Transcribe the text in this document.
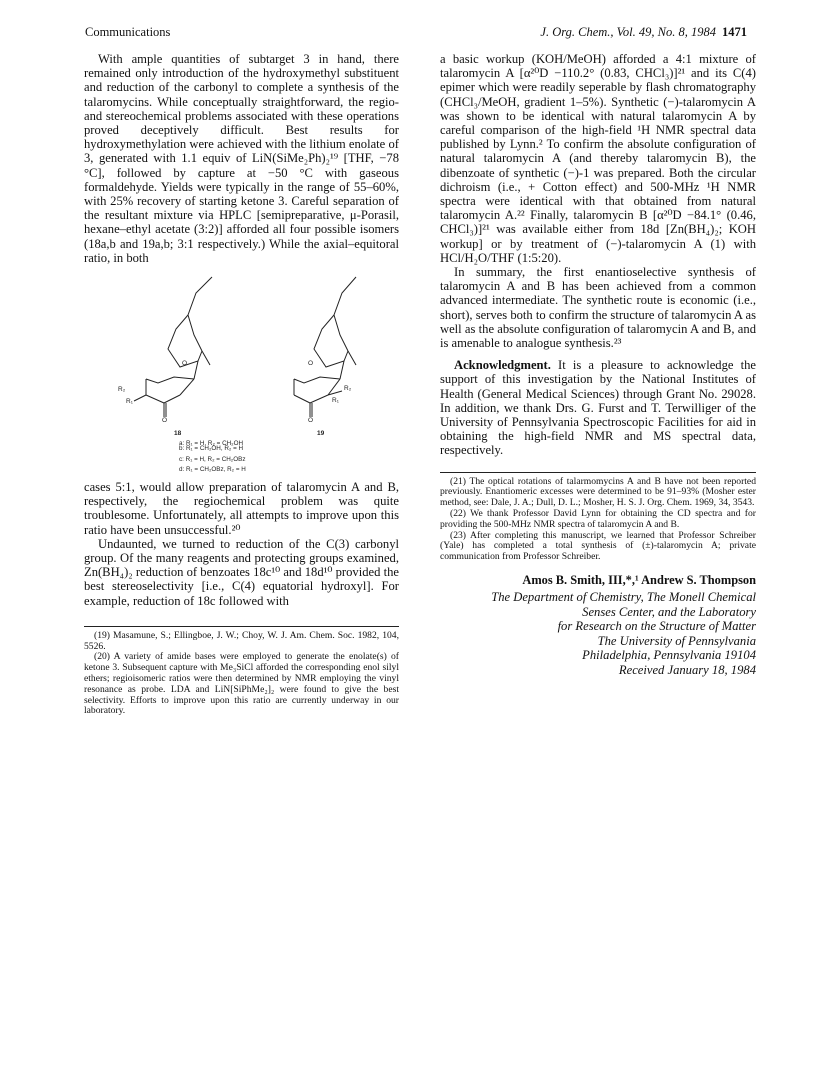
Communications	J. Org. Chem., Vol. 49, No. 8, 1984 1471

With ample quantities of subtarget 3 in hand, there remained only introduction of the hydroxymethyl substituent and reduction of the carbonyl to complete a synthesis of the talaromycins. While conceptually straightforward, the regio- and stereochemical problems associated with these operations proved deceptively difficult. Best results for hydroxymethylation were achieved with the lithium enolate of 3, generated with 1.1 equiv of LiN(SiMe₂Ph)₂¹⁹ [THF, −78 °C], followed by capture at −50 °C with gaseous formaldehyde. Yields were typically in the range of 55–60%, with 25% recovery of starting ketone 3. Careful separation of the resultant mixture via HPLC [semipreparative, μ-Porasil, hexane–ethyl acetate (3:2)] afforded all four possible isomers (18a,b and 19a,b; 3:1 respectively.) While the axial–equitoral ratio, in both

O
O
R₂
R₁
O
O
R₂
R₁
18	19
a: R₁ = H, R₂ = CH₂OH
b: R₁ = CH₂OH, R₂ = H
c: R₁ = H, R₂ = CH₂OBz
d: R₁ = CH₂OBz, R₂ = H

cases 5:1, would allow preparation of talaromycin A and B, respectively, the regiochemical problem was quite troublesome. Unfortunately, all attempts to improve upon this ratio have been unsuccessful.²⁰

Undaunted, we turned to reduction of the C(3) carbonyl group. Of the many reagents and protecting groups examined, Zn(BH₄)₂ reduction of benzoates 18c¹⁰ and 18d¹⁰ provided the best stereoselectivity [i.e., C(4) equatorial hydroxyl]. For example, reduction of 18c followed with

(19) Masamune, S.; Ellingboe, J. W.; Choy, W. J. Am. Chem. Soc. 1982, 104, 5526.

(20) A variety of amide bases were employed to generate the enolate(s) of ketone 3. Subsequent capture with Me₃SiCl afforded the corresponding enol silyl ethers; regioisomeric ratios were then determined by NMR employing the vinyl resonance as probe. LDA and LiN[SiPhMe₂]₂ were found to give the best selectivity. Efforts to improve upon this ratio are currently underway in our laboratory.

a basic workup (KOH/MeOH) afforded a 4:1 mixture of talaromycin A [α²⁰D −110.2° (0.83, CHCl₃)]²¹ and its C(4) epimer which were readily seperable by flash chromatography (CHCl₃/MeOH, gradient 1–5%). Synthetic (−)-talaromycin A was shown to be identical with natural talaromycin A by careful comparison of the high-field ¹H NMR spectral data published by Lynn.² To confirm the absolute configuration of natural talaromycin A (and thereby talaromycin B), the dibenzoate of synthetic (−)-1 was prepared. Both the circular dichroism (i.e., + Cotton effect) and 500-MHz ¹H NMR spectra were identical with that obtained from natural talaromycin A.²² Finally, talaromycin B [α²⁰D −84.1° (0.46, CHCl₃)]²¹ was available either from 18d [Zn(BH₄)₂; KOH workup] or by treatment of (−)-talaromycin A (1) with HCl/H₂O/THF (1:5:20).

In summary, the first enantioselective synthesis of talaromycin A and B has been achieved from a common advanced intermediate. The synthetic route is economic (i.e., short), serves both to confirm the structure of talaromycin A as well as the absolute configuration of talaromycin A and B, and is amenable to analogue synthesis.²³

Acknowledgment. It is a pleasure to acknowledge the support of this investigation by the National Institutes of Health (General Medical Sciences) through Grant No. 29028. In addition, we thank Drs. G. Furst and T. Terwilliger of the University of Pennsylvania Spectroscopic Facilities for aid in obtaining the high-field NMR and MS spectral data, respectively.

(21) The optical rotations of talarmomycins A and B have not been reported previously. Enantiomeric excesses were determined to be 91–93% (Mosher ester method, see: Dale, J. A.; Dull, D. L.; Mosher, H. S. J. Org. Chem. 1969, 34, 3543.

(22) We thank Professor David Lynn for obtaining the CD spectra and for providing the 500-MHz NMR spectra of talaromycin A and B.

(23) After completing this manuscript, we learned that Professor Schreiber (Yale) has completed a total synthesis of (±)-talaromycin A; private communication from Professor Schreiber.

Amos B. Smith, III,*,¹ Andrew S. Thompson

The Department of Chemistry, The Monell Chemical

Senses Center, and the Laboratory

for Research on the Structure of Matter

The University of Pennsylvania

Philadelphia, Pennsylvania 19104

Received January 18, 1984
